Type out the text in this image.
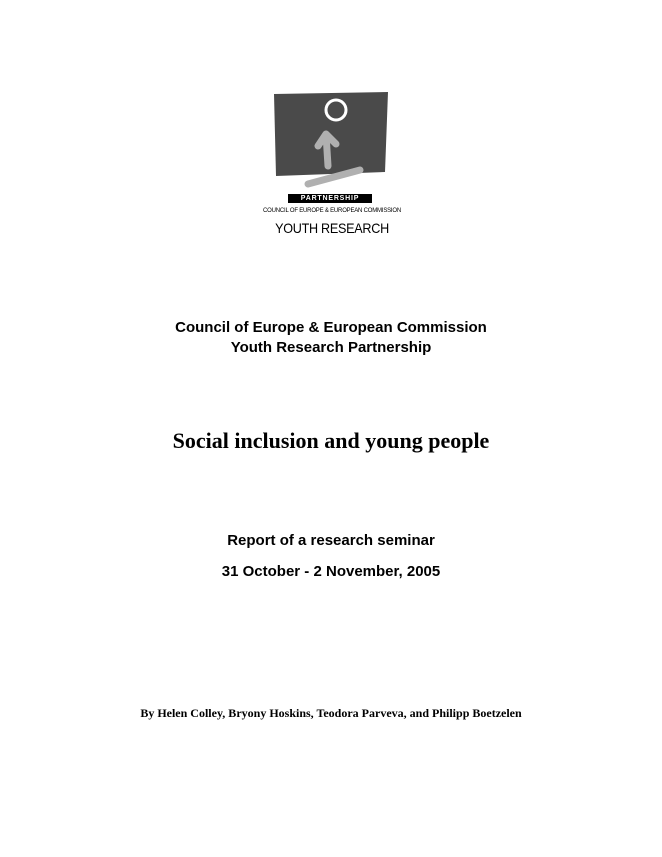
PARTNERSHIP
COUNCIL OF EUROPE & EUROPEAN COMMISSION
YOUTH RESEARCH
Council of Europe & European Commission
Youth Research Partnership
Social inclusion and young people
Report of a research seminar
31 October - 2 November, 2005
By Helen Colley, Bryony Hoskins, Teodora Parveva, and Philipp Boetzelen
